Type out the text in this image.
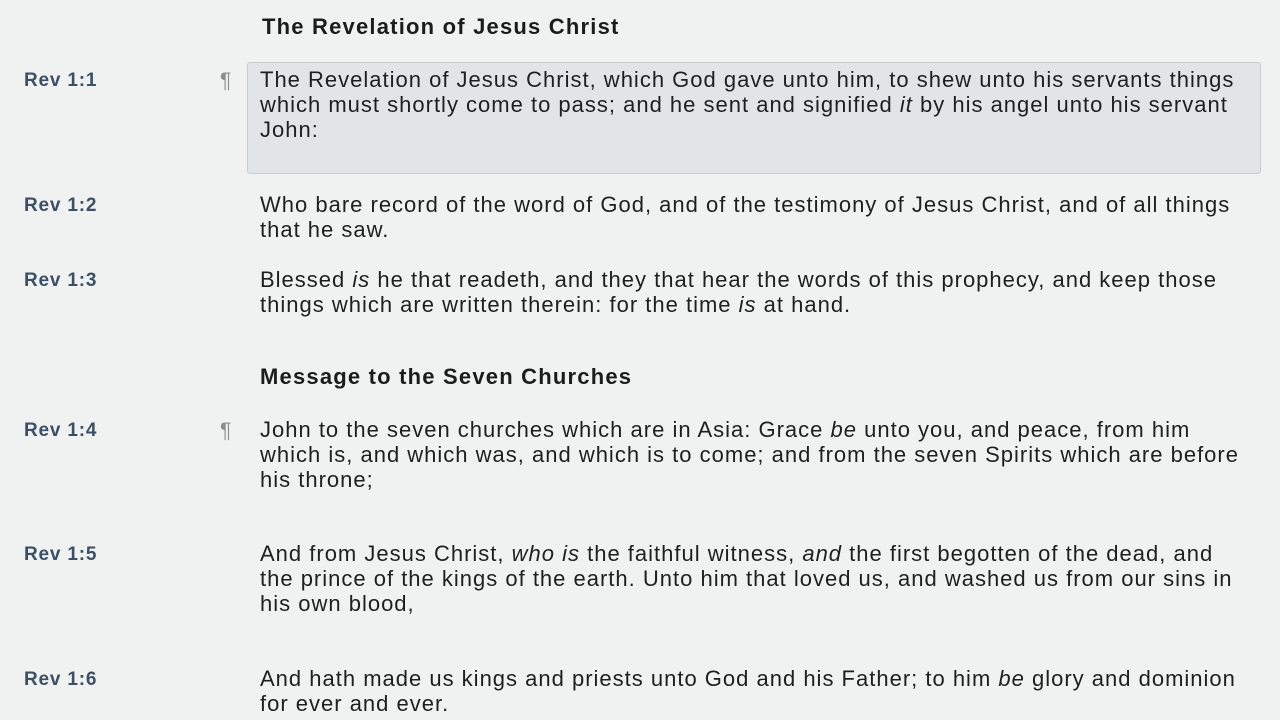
The Revelation of Jesus Christ
Rev 1:1	¶ The Revelation of Jesus Christ, which God gave unto him, to shew unto his servants things which must shortly come to pass; and he sent and signified it by his angel unto his servant John:
Rev 1:2	Who bare record of the word of God, and of the testimony of Jesus Christ, and of all things that he saw.
Rev 1:3	Blessed is he that readeth, and they that hear the words of this prophecy, and keep those things which are written therein: for the time is at hand.
Message to the Seven Churches
Rev 1:4	¶ John to the seven churches which are in Asia: Grace be unto you, and peace, from him which is, and which was, and which is to come; and from the seven Spirits which are before his throne;
Rev 1:5	And from Jesus Christ, who is the faithful witness, and the first begotten of the dead, and the prince of the kings of the earth. Unto him that loved us, and washed us from our sins in his own blood,
Rev 1:6	And hath made us kings and priests unto God and his Father; to him be glory and dominion for ever and ever.
